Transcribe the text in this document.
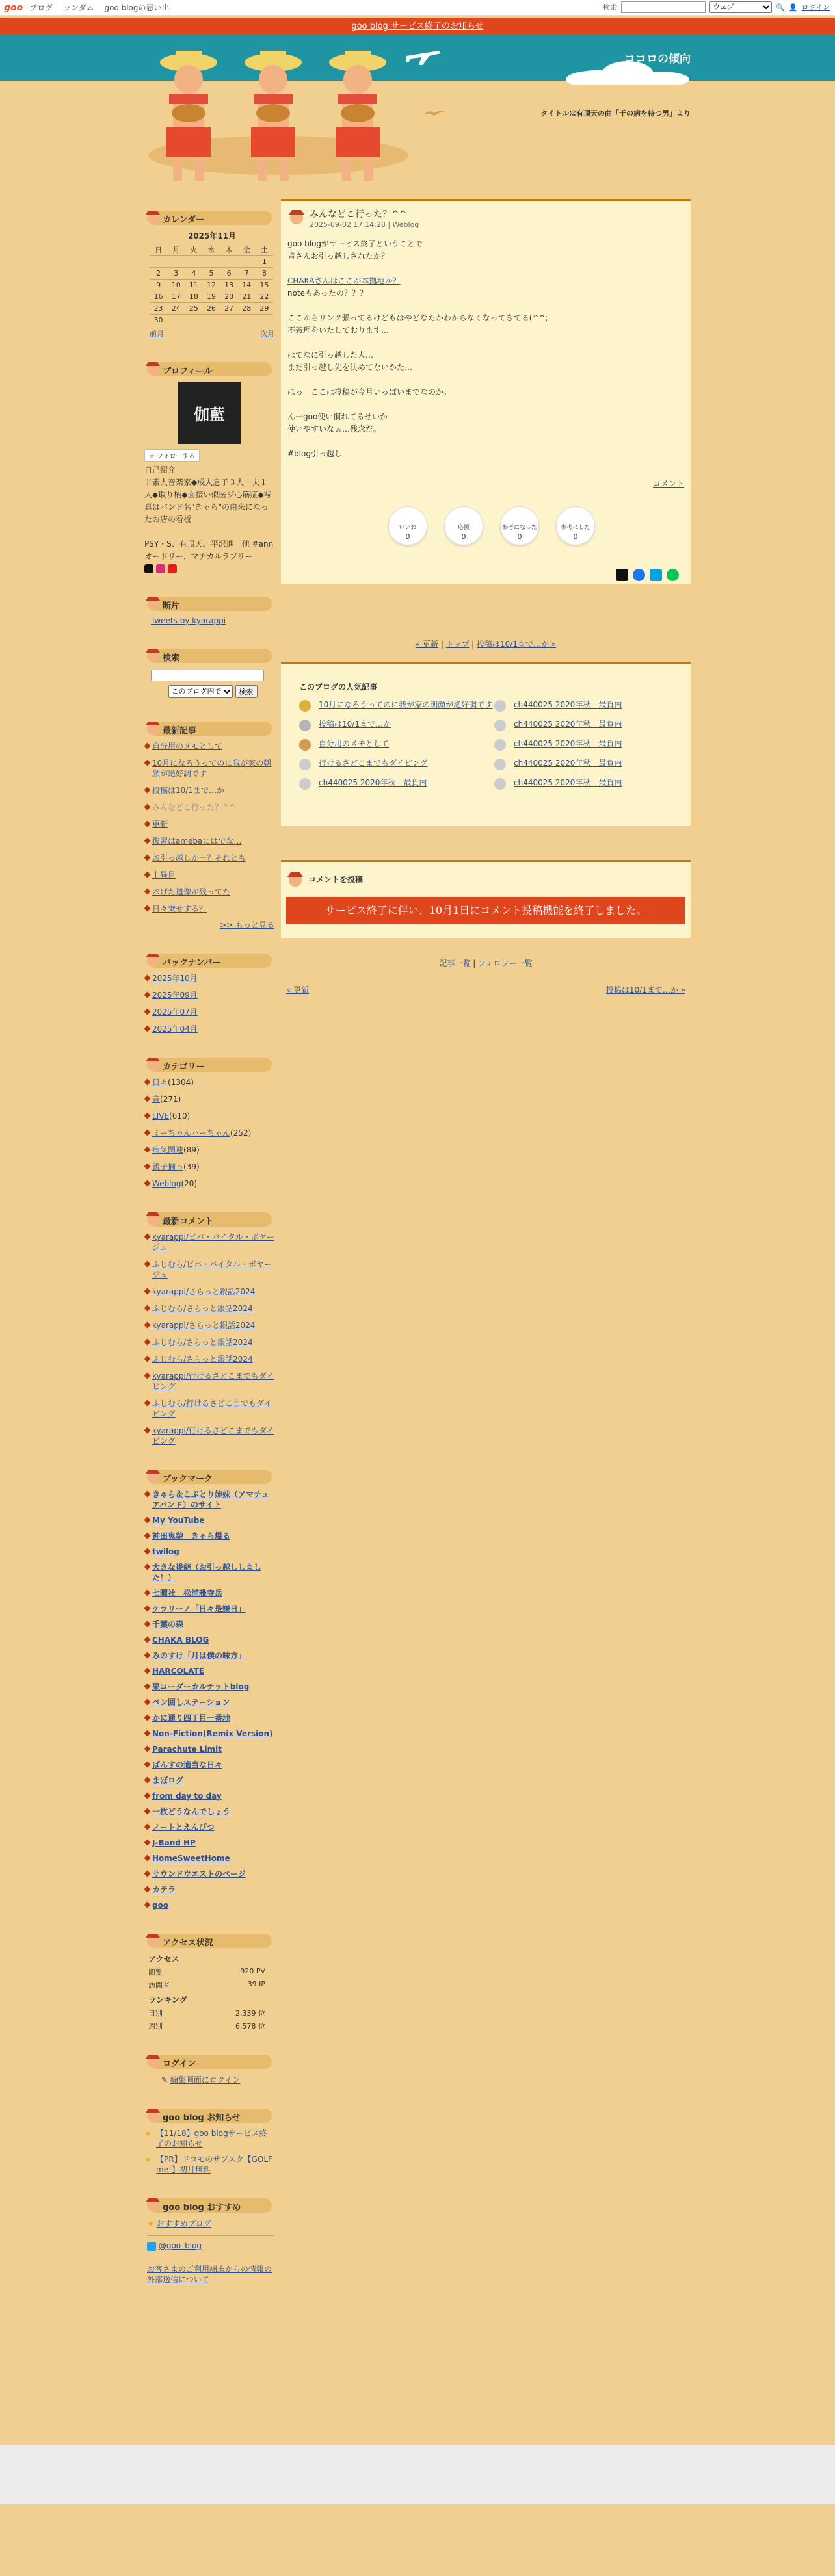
goo ブログ ランダム goo blogの思い出	検索
ウェブ	🔍 👤 ログイン
goo blog サービス終了のお知らせ
ココロの傾向
タイトルは有頂天の曲「千の病を待つ男」より
カレンダー
2025年11月
日	月	火	水	木	金	土
						1
2	3	4	5	6	7	8
9	10	11	12	13	14	15
16	17	18	19	20	21	22
23	24	25	26	27	28	29
30						
前月	次月
プロフィール
伽藍
☆ フォローする
自己紹介
ド素人音楽家◆成人息子３人＋夫１人◆取り柄◆面接い似医ジ心筋症◆写真はバンド名"きゃら"の由来になったお店の看板
PSY・S、有頂天、平沢進　他 #ann　オードリー、マヂカルラブリー
断片
Tweets by kyarappi
検索
このブログ内で
検索
最新記事
自分用のメモとして
10月になろうってのに我が家の朝顔が絶好調です
投稿は10/1まで…か
みんなどこ行った？^^
更新
復習はamebaにはでな…
お引っ越しか一？それとも
上昼目
おげた道像が残ってた
日々乗せする？
>> もっと見る
バックナンバー
2025年10月
2025年09月
2025年07月
2025年04月
カテゴリー
日々(1304)
音(271)
LIVE(610)
ミーちゃんハーちゃん(252)
病気関連(89)
親子揃っ(39)
Weblog(20)
最新コメント
kyarappi/ビバ・バイタル・ボヤージュ
ふじむら/ビバ・バイタル・ボヤージュ
kyarappi/さらっと銀話2024
ふじむら/さらっと銀話2024
kyarappi/さらっと銀話2024
ふじむら/さらっと銀話2024
ふじむら/さらっと銀話2024
kyarappi/行けるさどこまでもダイビング
ふじむら/行けるさどこまでもダイビング
kyarappi/行けるさどこまでもダイビング
ブックマーク
きゃら＆こぶとり姉妹（アマチュアバンド）のサイト
My YouTube
神田鬼貌　きゃら爆る
twilog
大きな後継（お引っ越ししました！）
七曜社　松浦雅寺岳
ケラリーノ「日々是嫌日」
千葉の森
CHAKA BLOG
みのすけ「月は僕の味方」
HARCOLATE
栗コーダーカルテットblog
ペン回しステーション
かに通り四丁目一番地
Non-Fiction(Remix Version)
Parachute Limit
ぱんすの適当な日々
まぼログ
from day to day
一枚どうなんでしょう
ノートとえんぴつ
J-Band HP
HomeSweetHome
サウンドウエストのページ
カテラ
goo
アクセス状況
アクセス
閲覧	920 PV
訪問者	39 IP
ランキング
日別	2,339 位
週別	6,578 位
ログイン
✎ 編集画面にログイン
goo blog お知らせ
★ 【11/18】goo blogサービス終了のお知らせ
★ 【PR】ドコモのサブスク【GOLF me!】初月無料
goo blog おすすめ
★ おすすめブログ
@goo_blog
お客さまのご利用端末からの情報の外部送信について
みんなどこ行った？^^
2025-09-02 17:14:28 | Weblog

goo blogがサービス終了ということで
皆さんお引っ越しされたか？

CHAKAさんはここが本拠地か？
noteもあったの？？？

ここからリンク張ってるけどもはやどなたかわからなくなってきてる(^^;
不義理をいたしております…

はてなに引っ越した人…
まだ引っ越し先を決めてないかた…

ほっ　ここは投稿が今月いっぱいまでなのか。

ん一goo使い慣れてるせいか
使いやすいなぁ…残念だ。

#blog引っ越し

コメント
いいね
0
応援
0
参考になった
0
参考にした
0
« 更新 | トップ | 投稿は10/1まで…か »
このブログの人気記事
10月になろうってのに我が家の朝顔が絶好調です
投稿は10/1まで…か
自分用のメモとして
行けるさどこまでもダイビング
ch440025 2020年秋　最負内
ch440025 2020年秋　最負内
ch440025 2020年秋　最負内
ch440025 2020年秋　最負内
ch440025 2020年秋　最負内
ch440025 2020年秋　最負内
コメントを投稿
サービス終了に伴い、10月1日にコメント投稿機能を終了しました。
記事一覧 | フォロワー一覧
« 更新	投稿は10/1まで…か »
